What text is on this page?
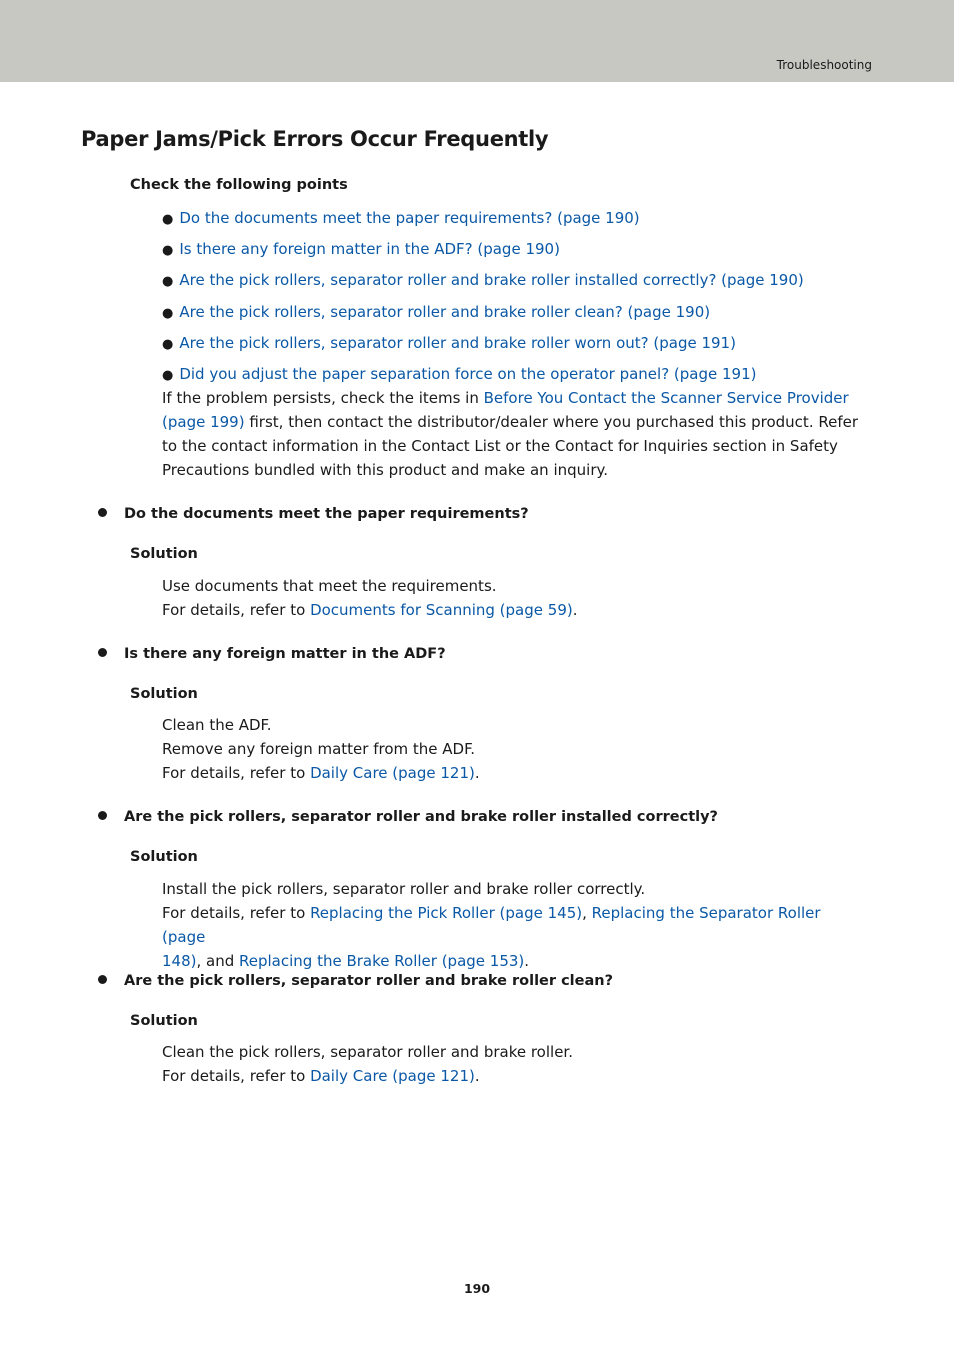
Troubleshooting
Paper Jams/Pick Errors Occur Frequently
Check the following points
● Do the documents meet the paper requirements? (page 190)
● Is there any foreign matter in the ADF? (page 190)
● Are the pick rollers, separator roller and brake roller installed correctly? (page 190)
● Are the pick rollers, separator roller and brake roller clean? (page 190)
● Are the pick rollers, separator roller and brake roller worn out? (page 191)
● Did you adjust the paper separation force on the operator panel? (page 191)

If the problem persists, check the items in Before You Contact the Scanner Service Provider
(page 199) first, then contact the distributor/dealer where you purchased this product. Refer to the contact information in the Contact List or the Contact for Inquiries section in Safety Precautions bundled with this product and make an inquiry.

Do the documents meet the paper requirements?
Solution

Use documents that meet the requirements.
For details, refer to Documents for Scanning (page 59).

Is there any foreign matter in the ADF?
Solution

Clean the ADF.
Remove any foreign matter from the ADF.
For details, refer to Daily Care (page 121).

Are the pick rollers, separator roller and brake roller installed correctly?
Solution

Install the pick rollers, separator roller and brake roller correctly.
For details, refer to Replacing the Pick Roller (page 145), Replacing the Separator Roller (page
148), and Replacing the Brake Roller (page 153).

Are the pick rollers, separator roller and brake roller clean?
Solution

Clean the pick rollers, separator roller and brake roller.
For details, refer to Daily Care (page 121).

190
